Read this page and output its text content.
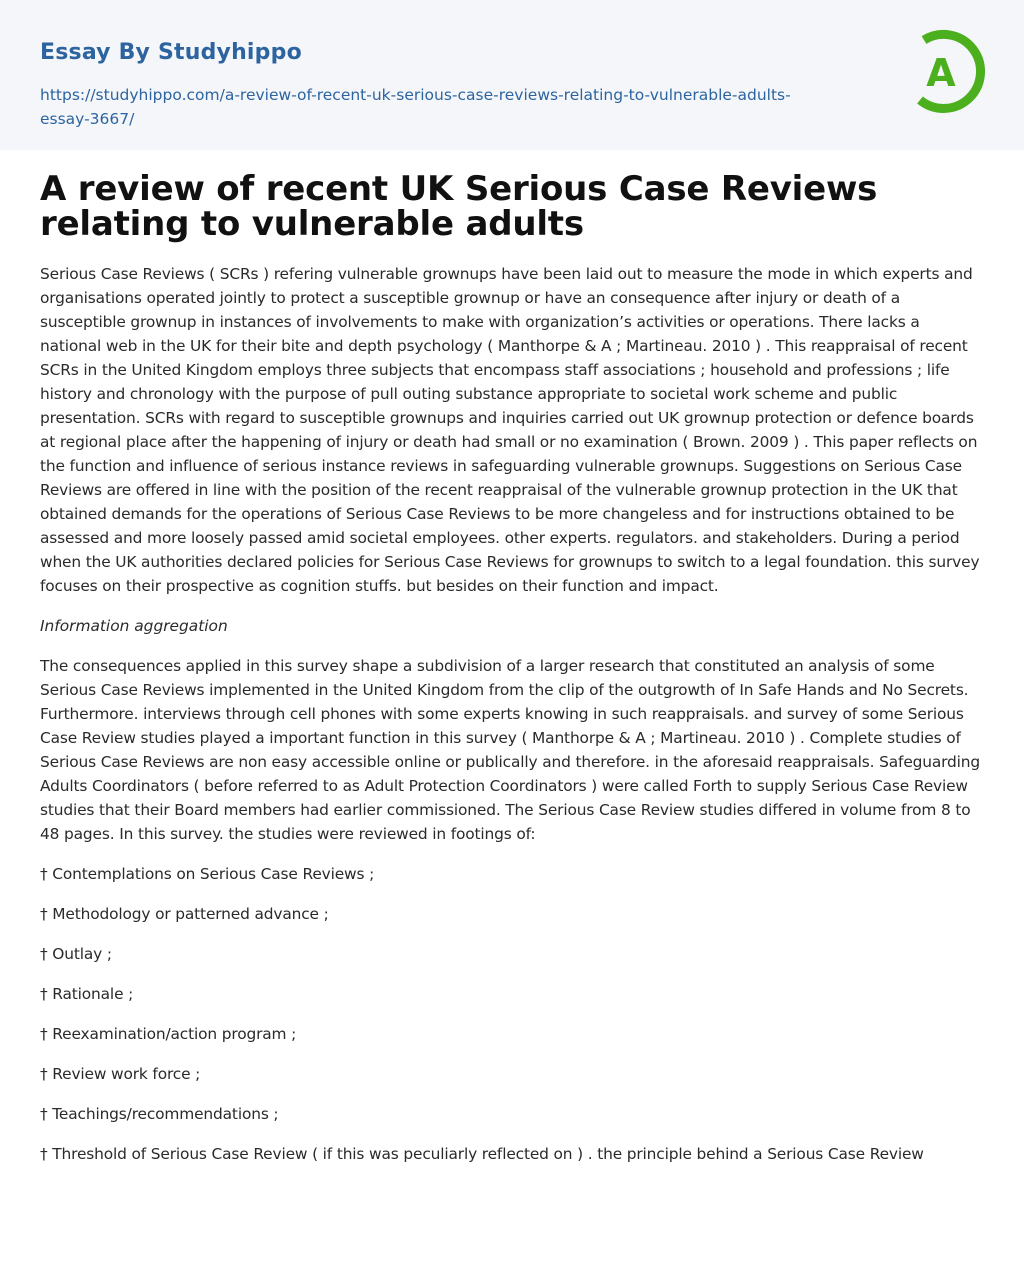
Essay By Studyhippo
https://studyhippo.com/a-review-of-recent-uk-serious-case-reviews-relating-to-vulnerable-adults-essay-3667/
A
A review of recent UK Serious Case Reviews relating to vulnerable adults

Serious Case Reviews ( SCRs ) refering vulnerable grownups have been laid out to measure the mode in which experts and organisations operated jointly to protect a susceptible grownup or have an consequence after injury or death of a susceptible grownup in instances of involvements to make with organization’s activities or operations. There lacks a national web in the UK for their bite and depth psychology ( Manthorpe & A ; Martineau. 2010 ) . This reappraisal of recent SCRs in the United Kingdom employs three subjects that encompass staff associations ; household and professions ; life history and chronology with the purpose of pull outing substance appropriate to societal work scheme and public presentation. SCRs with regard to susceptible grownups and inquiries carried out UK grownup protection or defence boards at regional place after the happening of injury or death had small or no examination ( Brown. 2009 ) . This paper reflects on the function and influence of serious instance reviews in safeguarding vulnerable grownups. Suggestions on Serious Case Reviews are offered in line with the position of the recent reappraisal of the vulnerable grownup protection in the UK that obtained demands for the operations of Serious Case Reviews to be more changeless and for instructions obtained to be assessed and more loosely passed amid societal employees. other experts. regulators. and stakeholders. During a period when the UK authorities declared policies for Serious Case Reviews for grownups to switch to a legal foundation. this survey focuses on their prospective as cognition stuffs. but besides on their function and impact.

Information aggregation

The consequences applied in this survey shape a subdivision of a larger research that constituted an analysis of some Serious Case Reviews implemented in the United Kingdom from the clip of the outgrowth of In Safe Hands and No Secrets. Furthermore. interviews through cell phones with some experts knowing in such reappraisals. and survey of some Serious Case Review studies played a important function in this survey ( Manthorpe & A ; Martineau. 2010 ) . Complete studies of Serious Case Reviews are non easy accessible online or publically and therefore. in the aforesaid reappraisals. Safeguarding Adults Coordinators ( before referred to as Adult Protection Coordinators ) were called Forth to supply Serious Case Review studies that their Board members had earlier commissioned. The Serious Case Review studies differed in volume from 8 to 48 pages. In this survey. the studies were reviewed in footings of:

† Contemplations on Serious Case Reviews ;

† Methodology or patterned advance ;

† Outlay ;

† Rationale ;

† Reexamination/action program ;

† Review work force ;

† Teachings/recommendations ;

† Threshold of Serious Case Review ( if this was peculiarly reflected on ) . the principle behind a Serious Case Review
